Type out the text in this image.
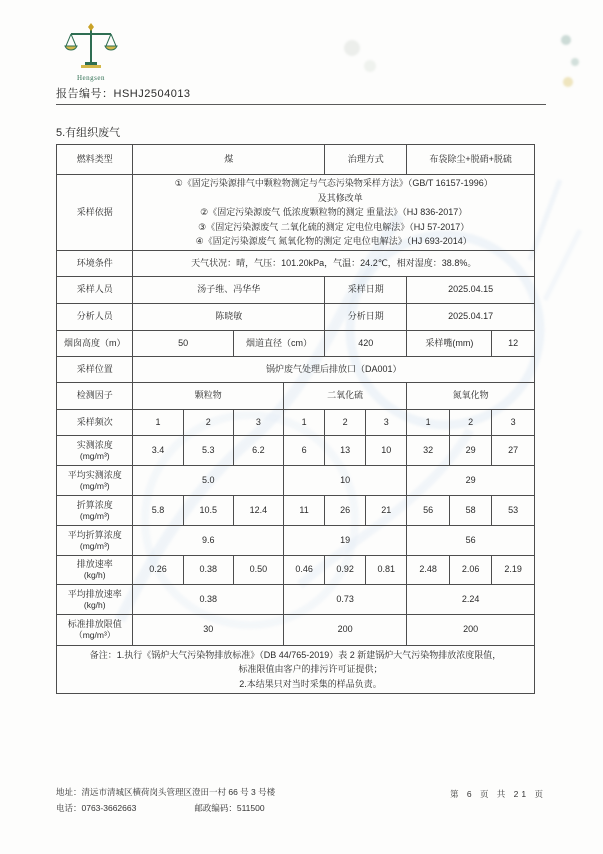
Hengsen
报告编号：HSHJ2504013
5.有组织废气
燃料类型	煤				治理方式		布袋除尘+脱硝+脱硫		
采样依据	①《固定污染源排气中颗粒物测定与气态污染物采样方法》（GB/T 16157-1996）
及其修改单
②《固定污染源废气 低浓度颗粒物的测定 重量法》（HJ 836-2017）
③《固定污染源废气 二氧化硫的测定 定电位电解法》（HJ 57-2017）
④《固定污染源废气 氮氧化物的测定 定电位电解法》（HJ 693-2014）								

环境条件	天气状况：晴，气压：101.20kPa，气温：24.2℃，相对湿度：38.8%。								
采样人员	汤子维、冯华华				采样日期		2025.04.15		
分析人员	陈晓敏				分析日期		2025.04.17		
烟囱高度（m）	50		烟道直径（cm）		420		采样嘴(mm)		12
采样位置	锅炉废气处理后排放口（DA001）								
检测因子	颗粒物			二氧化硫			氮氧化物		
采样频次	1	2	3	1	2	3	1	2	3

实测浓度
(mg/m³)	3.4	5.3	6.2	6	13	10	32	29	27

平均实测浓度
(mg/m³)	5.0			10			29		

折算浓度
(mg/m³)	5.8	10.5	12.4	11	26	21	56	58	53

平均折算浓度
(mg/m³)	9.6			19			56		

排放速率
(kg/h)	0.26	0.38	0.50	0.46	0.92	0.81	2.48	2.06	2.19

平均排放速率
(kg/h)	0.38			0.73			2.24		

标准排放限值
（mg/m³）	30			200			200		

备注：1.执行《锅炉大气污染物排放标准》（DB 44/765-2019）表 2 新建锅炉大气污染物排放浓度限值，
标准限值由客户的排污许可证提供；
2.本结果只对当时采集的样品负责。									
地址：清远市清城区横荷岗头管理区澄田一村 66 号 3 号楼
电话：0763-3662663	邮政编码：511500
第 6 页 共 21 页
